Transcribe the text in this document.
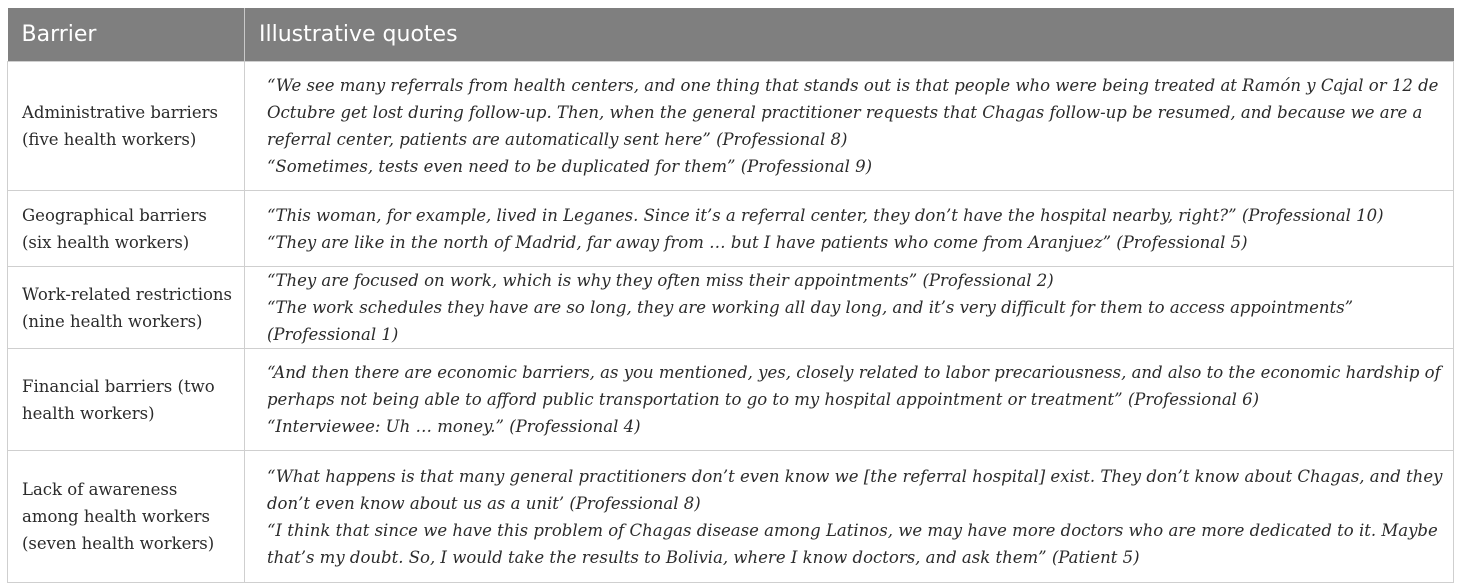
Barrier	Illustrative quotes
Administrative barriers (five health workers)	“We see many referrals from health centers, and one thing that stands out is that people who were being treated at Ramón y Cajal or 12 de Octubre get lost during follow-up. Then, when the general practitioner requests that Chagas follow-up be resumed, and because we are a referral center, patients are automatically sent here” (Professional 8)
“Sometimes, tests even need to be duplicated for them” (Professional 9)

Geographical barriers (six health workers)	“This woman, for example, lived in Leganes. Since it’s a referral center, they don’t have the hospital nearby, right?” (Professional 10)
“They are like in the north of Madrid, far away from … but I have patients who come from Aranjuez” (Professional 5)

Work-related restrictions (nine health workers)	“They are focused on work, which is why they often miss their appointments” (Professional 2)
“The work schedules they have are so long, they are working all day long, and it’s very difficult for them to access appointments” (Professional 1)

Financial barriers (two health workers)	“And then there are economic barriers, as you mentioned, yes, closely related to labor precariousness, and also to the economic hardship of perhaps not being able to afford public transportation to go to my hospital appointment or treatment” (Professional 6)
“Interviewee: Uh … money.” (Professional 4)

Lack of awareness among health workers (seven health workers)	“What happens is that many general practitioners don’t even know we [the referral hospital] exist. They don’t know about Chagas, and they don’t even know about us as a unit’ (Professional 8)
“I think that since we have this problem of Chagas disease among Latinos, we may have more doctors who are more dedicated to it. Maybe that’s my doubt. So, I would take the results to Bolivia, where I know doctors, and ask them” (Patient 5)
